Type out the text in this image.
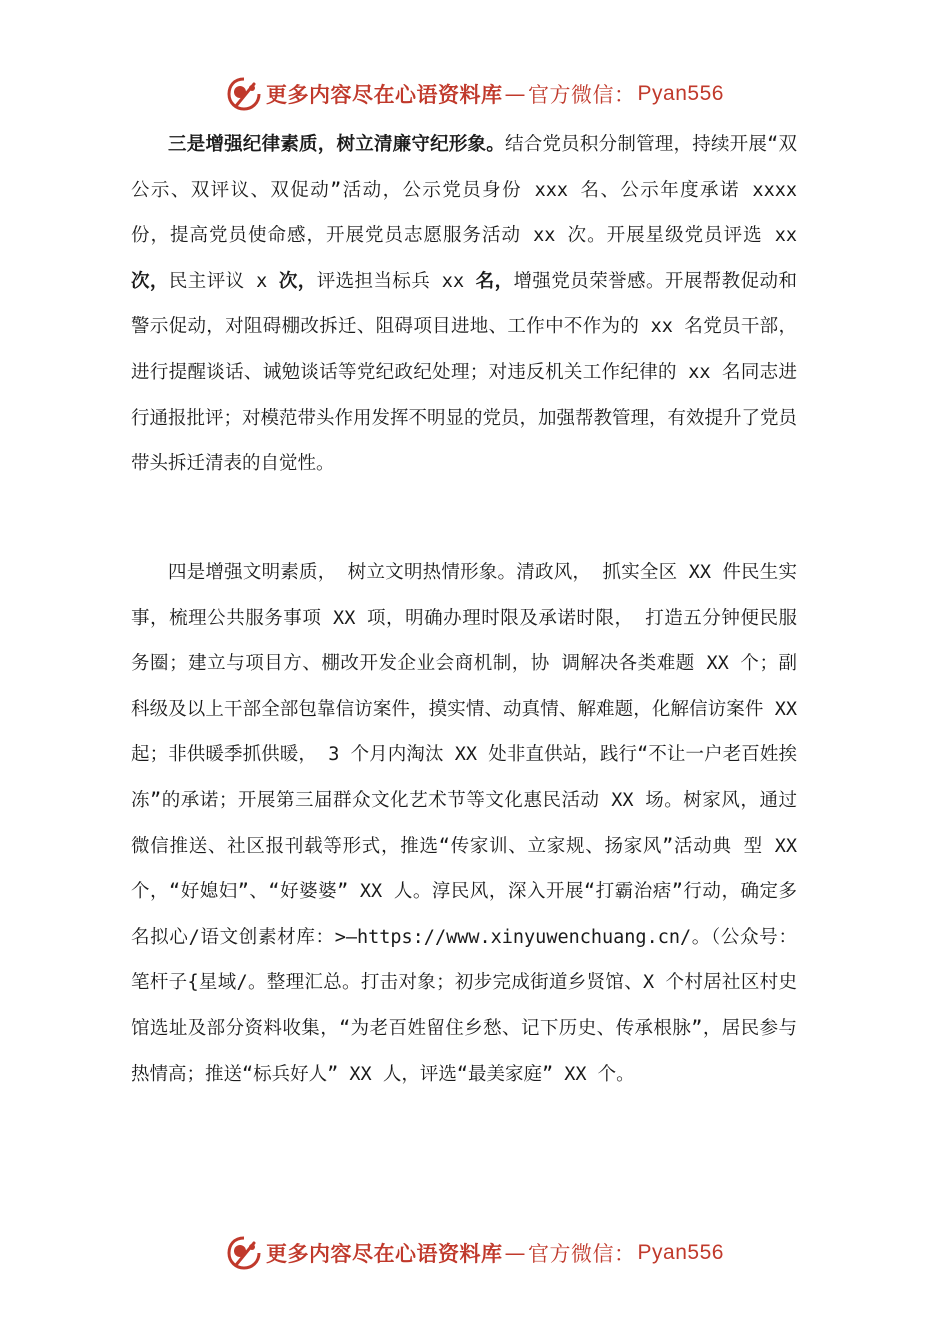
更多内容尽在心语资料库 — 官方微信： Pyan556

三是增强纪律素质，树立清廉守纪形象。结合党员积分制管理，持续开展“双公示、双评议、双促动”活动，公示党员身份 xxx 名、公示年度承诺 xxxx 份，提高党员使命感，开展党员志愿服务活动 xx 次。开展星级党员评选 xx 次，民主评议 x 次，评选担当标兵 xx 名，增强党员荣誉感。开展帮教促动和警示促动，对阻碍棚改拆迁、阻碍项目进地、工作中不作为的 xx 名党员干部，进行提醒谈话、诫勉谈话等党纪政纪处理；对违反机关工作纪律的 xx 名同志进行通报批评；对模范带头作用发挥不明显的党员，加强帮教管理，有效提升了党员带头拆迁清表的自觉性。

四是增强文明素质， 树立文明热情形象。清政风， 抓实全区 XX 件民生实事，梳理公共服务事项 XX 项，明确办理时限及承诺时限， 打造五分钟便民服务圈；建立与项目方、棚改开发企业会商机制，协 调解决各类难题 XX 个；副科级及以上干部全部包靠信访案件，摸实情、动真情、解难题，化解信访案件 XX 起；非供暖季抓供暖， 3 个月内淘汰 XX 处非直供站，践行“不让一户老百姓挨冻”的承诺；开展第三届群众文化艺术节等文化惠民活动 XX 场。树家风，通过微信推送、社区报刊载等形式，推选“传家训、立家规、扬家风”活动典 型 XX 个，“好媳妇”、“好婆婆” XX 人。淳民风，深入开展“打霸治痞”行动，确定多名拟心/语文创素材库：>—https://www.xinyuwenchuang.cn/。（公众号：笔杆子{星域/。整理汇总。打击对象；初步完成街道乡贤馆、X 个村居社区村史馆选址及部分资料收集，“为老百姓留住乡愁、记下历史、传承根脉”，居民参与热情高；推送“标兵好人” XX 人，评选“最美家庭” XX 个。

更多内容尽在心语资料库 — 官方微信： Pyan556
